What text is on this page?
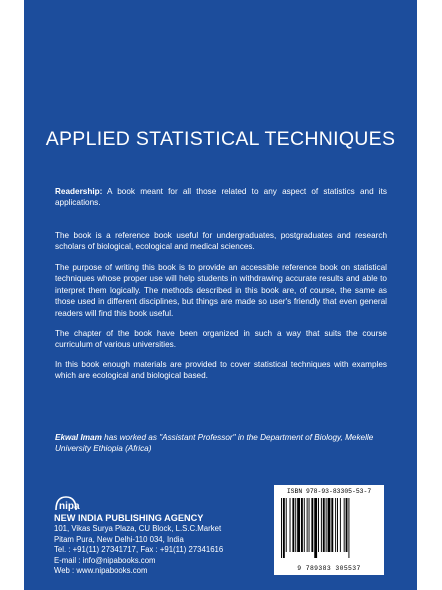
APPLIED STATISTICAL TECHNIQUES
Readership: A book meant for all those related to any aspect of statistics and its applications.
The book is a reference book useful for undergraduates, postgraduates and research scholars of biological, ecological and medical sciences.
The purpose of writing this book is to provide an accessible reference book on statistical techniques whose proper use will help students in withdrawing accurate results and able to interpret them logically. The methods described in this book are, of course, the same as those used in different disciplines, but things are made so user's friendly that even general readers will find this book useful.
The chapter of the book have been organized in such a way that suits the course curriculum of various universities.
In this book enough materials are provided to cover statistical techniques with examples which are ecological and biological based.
Ekwal Imam has worked as "Assistant Professor" in the Department of Biology, Mekelle University Ethiopia (Africa)
nipa
NEW INDIA PUBLISHING AGENCY
101, Vikas Surya Plaza, CU Block, L.S.C.Market
Pitam Pura, New Delhi-110 034, India
Tel. : +91(11) 27341717, Fax : +91(11) 27341616
E-mail : info@nipabooks.com
Web : www.nipabooks.com
ISBN 978-93-83305-53-7
9 789383 305537
